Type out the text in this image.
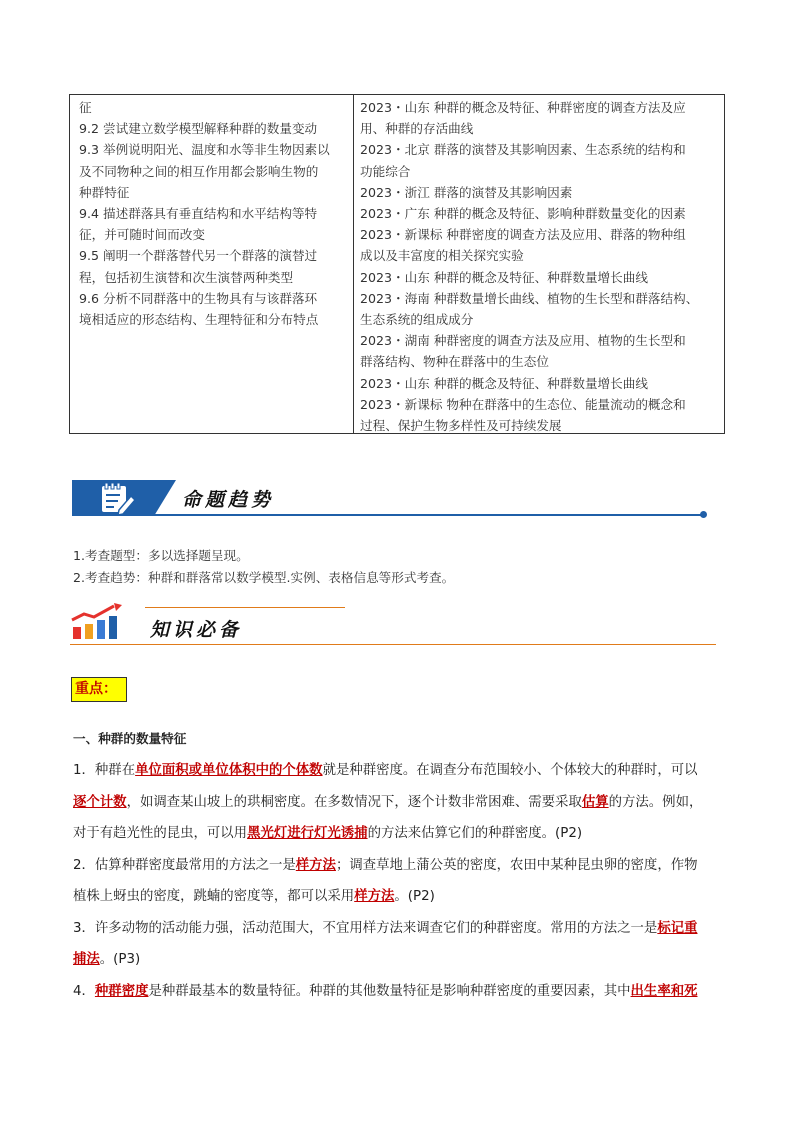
征
9.2 尝试建立数学模型解释种群的数量变动
9.3 举例说明阳光、温度和水等非生物因素以
及不同物种之间的相互作用都会影响生物的
种群特征
9.4 描述群落具有垂直结构和水平结构等特
征，并可随时间而改变
9.5 阐明一个群落替代另一个群落的演替过
程，包括初生演替和次生演替两种类型
9.6 分析不同群落中的生物具有与该群落环
境相适应的形态结构、生理特征和分布特点
2023・山东 种群的概念及特征、种群密度的调查方法及应
用、种群的存活曲线
2023・北京 群落的演替及其影响因素、生态系统的结构和
功能综合
2023・浙江 群落的演替及其影响因素
2023・广东 种群的概念及特征、影响种群数量变化的因素
2023・新课标 种群密度的调查方法及应用、群落的物种组
成以及丰富度的相关探究实验
2023・山东 种群的概念及特征、种群数量增长曲线
2023・海南 种群数量增长曲线、植物的生长型和群落结构、
生态系统的组成成分
2023・湖南 种群密度的调查方法及应用、植物的生长型和
群落结构、物种在群落中的生态位
2023・山东 种群的概念及特征、种群数量增长曲线
2023・新课标 物种在群落中的生态位、能量流动的概念和
过程、保护生物多样性及可持续发展
命题趋势
1.考查题型：多以选择题呈现。
2.考查趋势：种群和群落常以数学模型.实例、表格信息等形式考查。
知识必备
重点：
一、种群的数量特征
1．种群在单位面积或单位体积中的个体数就是种群密度。在调查分布范围较小、个体较大的种群时，可以
逐个计数，如调查某山坡上的珙桐密度。在多数情况下，逐个计数非常困难、需要采取估算的方法。例如，
对于有趋光性的昆虫，可以用黑光灯进行灯光诱捕的方法来估算它们的种群密度。(P2)
2．估算种群密度最常用的方法之一是样方法；调查草地上蒲公英的密度，农田中某种昆虫卵的密度，作物
植株上蚜虫的密度，跳蝻的密度等，都可以采用样方法。(P2)
3．许多动物的活动能力强，活动范围大，不宜用样方法来调查它们的种群密度。常用的方法之一是标记重
捕法。(P3)
4．种群密度是种群最基本的数量特征。种群的其他数量特征是影响种群密度的重要因素，其中出生率和死
